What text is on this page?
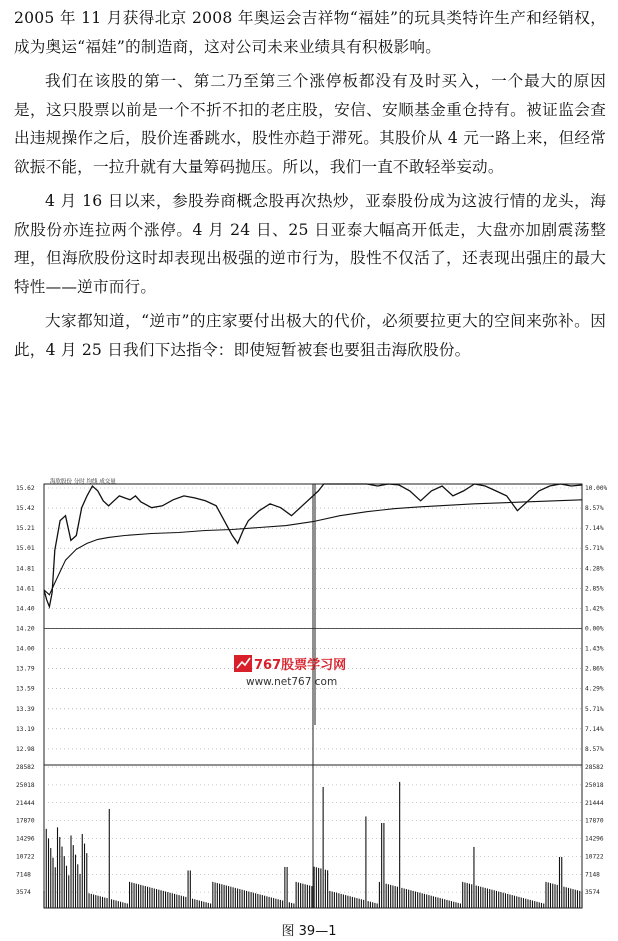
2005 年 11 月获得北京 2008 年奥运会吉祥物“福娃”的玩具类特许生产和经销权，成为奥运“福娃”的制造商，这对公司未来业绩具有积极影响。

我们在该股的第一、第二乃至第三个涨停板都没有及时买入，一个最大的原因是，这只股票以前是一个不折不扣的老庄股，安信、安顺基金重仓持有。被证监会查出违规操作之后，股价连番跳水，股性亦趋于滞死。其股价从 4 元一路上来，但经常欲振不能，一拉升就有大量筹码抛压。所以，我们一直不敢轻举妄动。

4 月 16 日以来，参股券商概念股再次热炒，亚泰股份成为这波行情的龙头，海欣股份亦连拉两个涨停。4 月 24 日、25 日亚泰大幅高开低走，大盘亦加剧震荡整理，但海欣股份这时却表现出极强的逆市行为，股性不仅活了，还表现出强庄的最大特性——逆市而行。

大家都知道，“逆市”的庄家要付出极大的代价，必须要拉更大的空间来弥补。因此，4 月 25 日我们下达指令：即使短暂被套也要狙击海欣股份。

海欣股份 分时 均线 成交量
15.62
15.42
15.21
15.01
14.81
14.61
14.40
14.20
14.00
13.79
13.59
13.39
13.19
12.98
10.00%
8.57%
7.14%
5.71%
4.28%
2.85%
1.42%
0.00%
1.43%
2.86%
4.29%
5.71%
7.14%
8.57%
28582	28582
25018	25018
21444	21444
17870	17870
14296	14296
10722	10722
7148	7148
3574	3574
767股票学习网
www.net767.com
图 39—1
